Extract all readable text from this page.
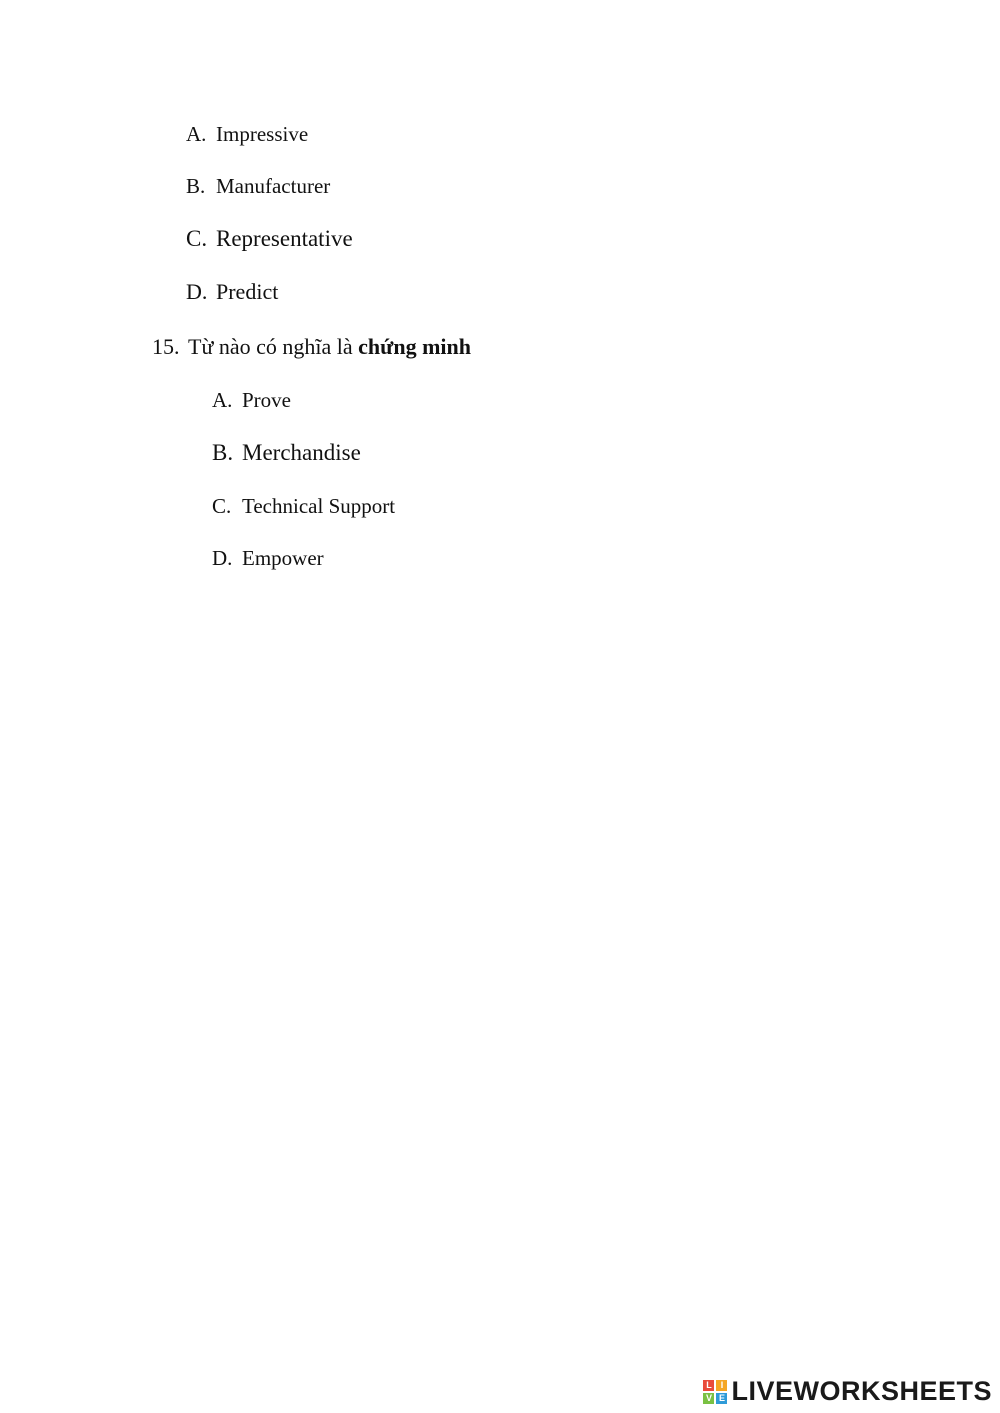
A. Impressive
B. Manufacturer
C. Representative
D. Predict
15. Từ nào có nghĩa là chứng minh
A. Prove
B. Merchandise
C. Technical Support
D. Empower
L I
V E LIVEWORKSHEETS
